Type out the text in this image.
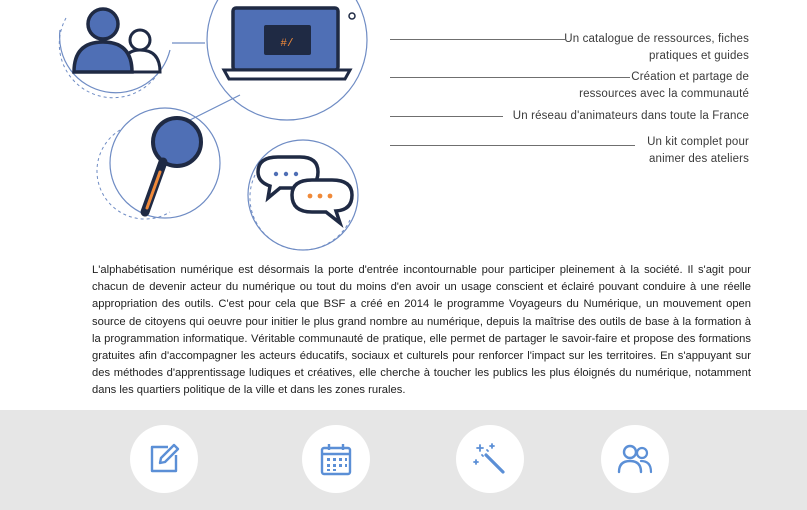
#/	Un catalogue de ressources, fiches
pratiques et guides
Création et partage de
ressources avec la communauté
Un réseau d'animateurs dans toute la France
Un kit complet pour
animer des ateliers

L'alphabétisation numérique est désormais la porte d'entrée incontournable pour participer pleinement à la société. Il s'agit pour chacun de devenir acteur du numérique ou tout du moins d'en avoir un usage conscient et éclairé pouvant conduire à une réelle appropriation des outils. C'est pour cela que BSF a créé en 2014 le programme Voyageurs du Numérique, un mouvement open source de citoyens qui oeuvre pour initier le plus grand nombre au numérique, depuis la maîtrise des outils de base à la formation à la programmation informatique. Véritable communauté de pratique, elle permet de partager le savoir-faire et propose des formations gratuites afin d'accompagner les acteurs éducatifs, sociaux et culturels pour renforcer l'impact sur les territoires. En s'appuyant sur des méthodes d'apprentissage ludiques et créatives, elle cherche à toucher les publics les plus éloignés du numérique, notamment dans les quartiers politique de la ville et dans les zones rurales.
